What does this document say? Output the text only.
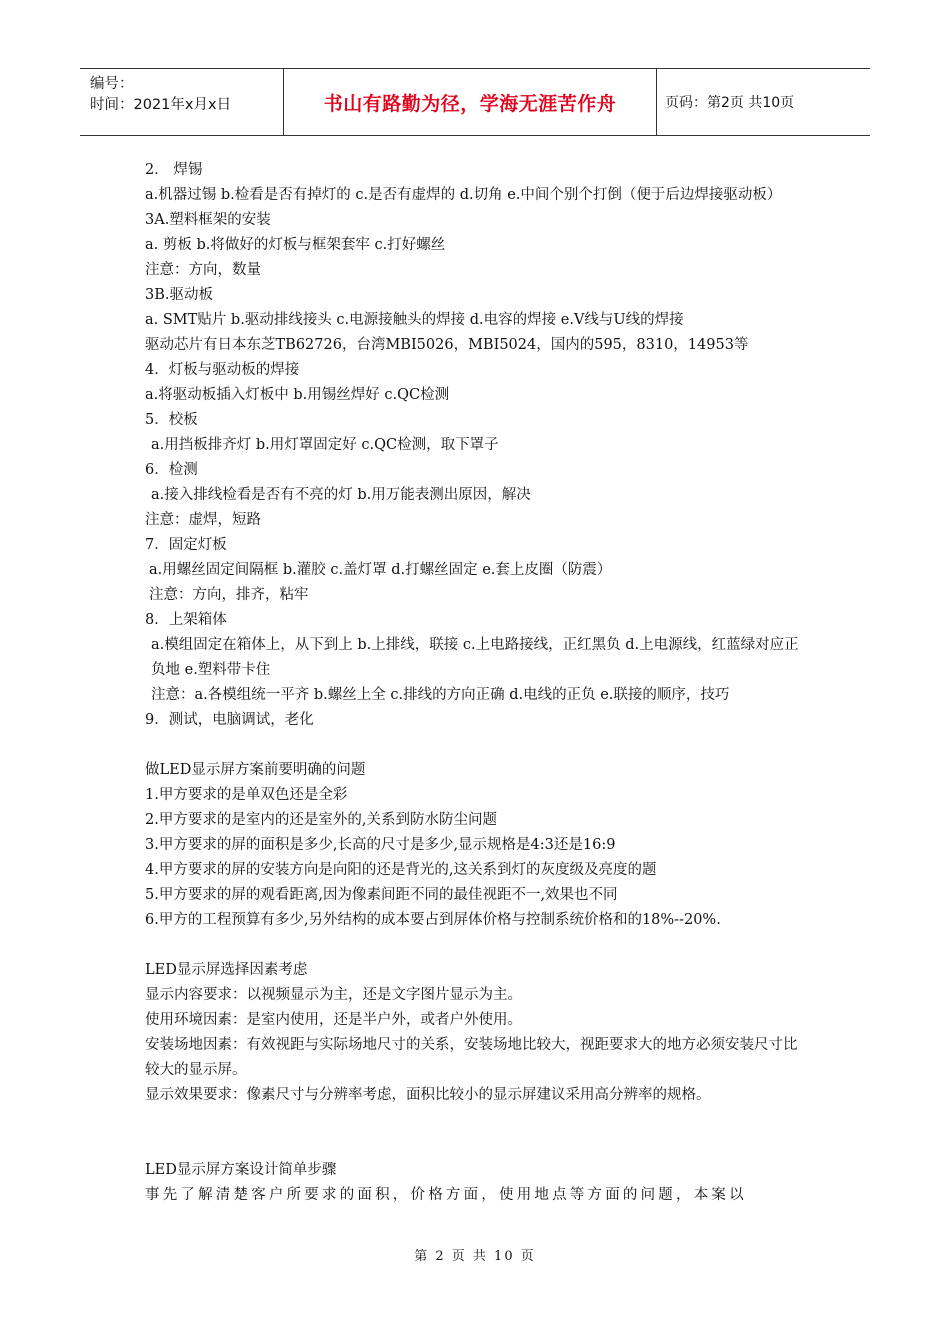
编号：
时间：2021年x月x日	书山有路勤为径，学海无涯苦作舟	页码：第2页 共10页
2． 焊锡
a.机器过锡 b.检看是否有掉灯的 c.是否有虚焊的 d.切角 e.中间个别个打倒（便于后边焊接驱动板）
3A.塑料框架的安装
a. 剪板 b.将做好的灯板与框架套牢 c.打好螺丝
注意：方向，数量
3B.驱动板
a. SMT贴片 b.驱动排线接头 c.电源接触头的焊接 d.电容的焊接 e.V线与U线的焊接
驱动芯片有日本东芝TB62726，台湾MBI5026，MBI5024，国内的595，8310，14953等
4．灯板与驱动板的焊接
a.将驱动板插入灯板中 b.用锡丝焊好 c.QC检测
5．校板
a.用挡板排齐灯 b.用灯罩固定好 c.QC检测，取下罩子
6．检测
a.接入排线检看是否有不亮的灯 b.用万能表测出原因，解决
注意：虚焊，短路
7．固定灯板
a.用螺丝固定间隔框 b.灌胶 c.盖灯罩 d.打螺丝固定 e.套上皮圈（防震）
注意：方向，排齐，粘牢
8．上架箱体
a.模组固定在箱体上，从下到上 b.上排线，联接 c.上电路接线，正红黑负 d.上电源线，红蓝绿对应正负地 e.塑料带卡住
注意：a.各模组统一平齐 b.螺丝上全 c.排线的方向正确 d.电线的正负 e.联接的顺序，技巧
9．测试，电脑调试，老化
做LED显示屏方案前要明确的问题
1.甲方要求的是单双色还是全彩
2.甲方要求的是室内的还是室外的,关系到防水防尘问题
3.甲方要求的屏的面积是多少,长高的尺寸是多少,显示规格是4:3还是16:9
4.甲方要求的屏的安装方向是向阳的还是背光的,这关系到灯的灰度级及亮度的题
5.甲方要求的屏的观看距离,因为像素间距不同的最佳视距不一,效果也不同
6.甲方的工程预算有多少,另外结构的成本要占到屏体价格与控制系统价格和的18%--20%.
LED显示屏选择因素考虑
显示内容要求：以视频显示为主，还是文字图片显示为主。
使用环境因素：是室内使用，还是半户外，或者户外使用。
安装场地因素：有效视距与实际场地尺寸的关系，安装场地比较大，视距要求大的地方必须安装尺寸比较大的显示屏。
显示效果要求：像素尺寸与分辨率考虑，面积比较小的显示屏建议采用高分辨率的规格。
LED显示屏方案设计简单步骤
事先了解清楚客户所要求的面积，价格方面，使用地点等方面的问题，本案以
第 2 页 共 10 页
